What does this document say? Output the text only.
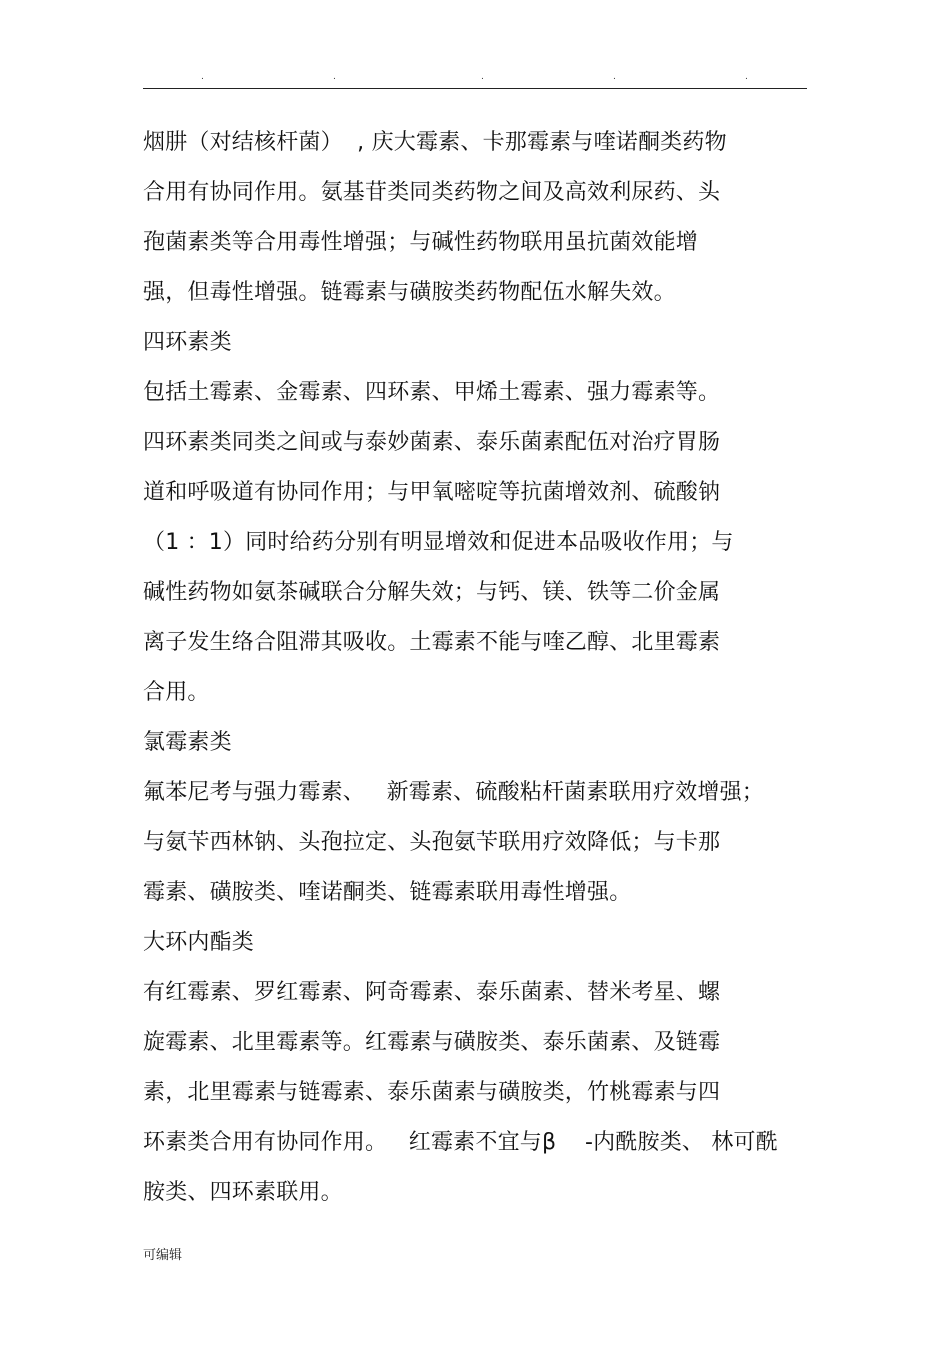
.	.	.	.	.
烟肼（对结核杆菌）  , 庆大霉素、卡那霉素与喹诺酮类药物
合用有协同作用。氨基苷类同类药物之间及高效利尿药、头
孢菌素类等合用毒性增强；与碱性药物联用虽抗菌效能增
强，但毒性增强。链霉素与磺胺类药物配伍水解失效。
四环素类
包括土霉素、金霉素、四环素、甲烯土霉素、强力霉素等。
四环素类同类之间或与泰妙菌素、泰乐菌素配伍对治疗胃肠
道和呼吸道有协同作用；与甲氧嘧啶等抗菌增效剂、硫酸钠
（1 ：1）同时给药分别有明显增效和促进本品吸收作用；与
碱性药物如氨茶碱联合分解失效；与钙、镁、铁等二价金属
离子发生络合阻滞其吸收。土霉素不能与喹乙醇、北里霉素
合用。
氯霉素类
氟苯尼考与强力霉素、   新霉素、硫酸粘杆菌素联用疗效增强；
与氨苄西林钠、头孢拉定、头孢氨苄联用疗效降低；与卡那
霉素、磺胺类、喹诺酮类、链霉素联用毒性增强。
大环内酯类
有红霉素、罗红霉素、阿奇霉素、泰乐菌素、替米考星、螺
旋霉素、北里霉素等。红霉素与磺胺类、泰乐菌素、及链霉
素，北里霉素与链霉素、泰乐菌素与磺胺类，竹桃霉素与四
环素类合用有协同作用。   红霉素不宜与β    -内酰胺类、 林可酰
胺类、四环素联用。
可编辑
